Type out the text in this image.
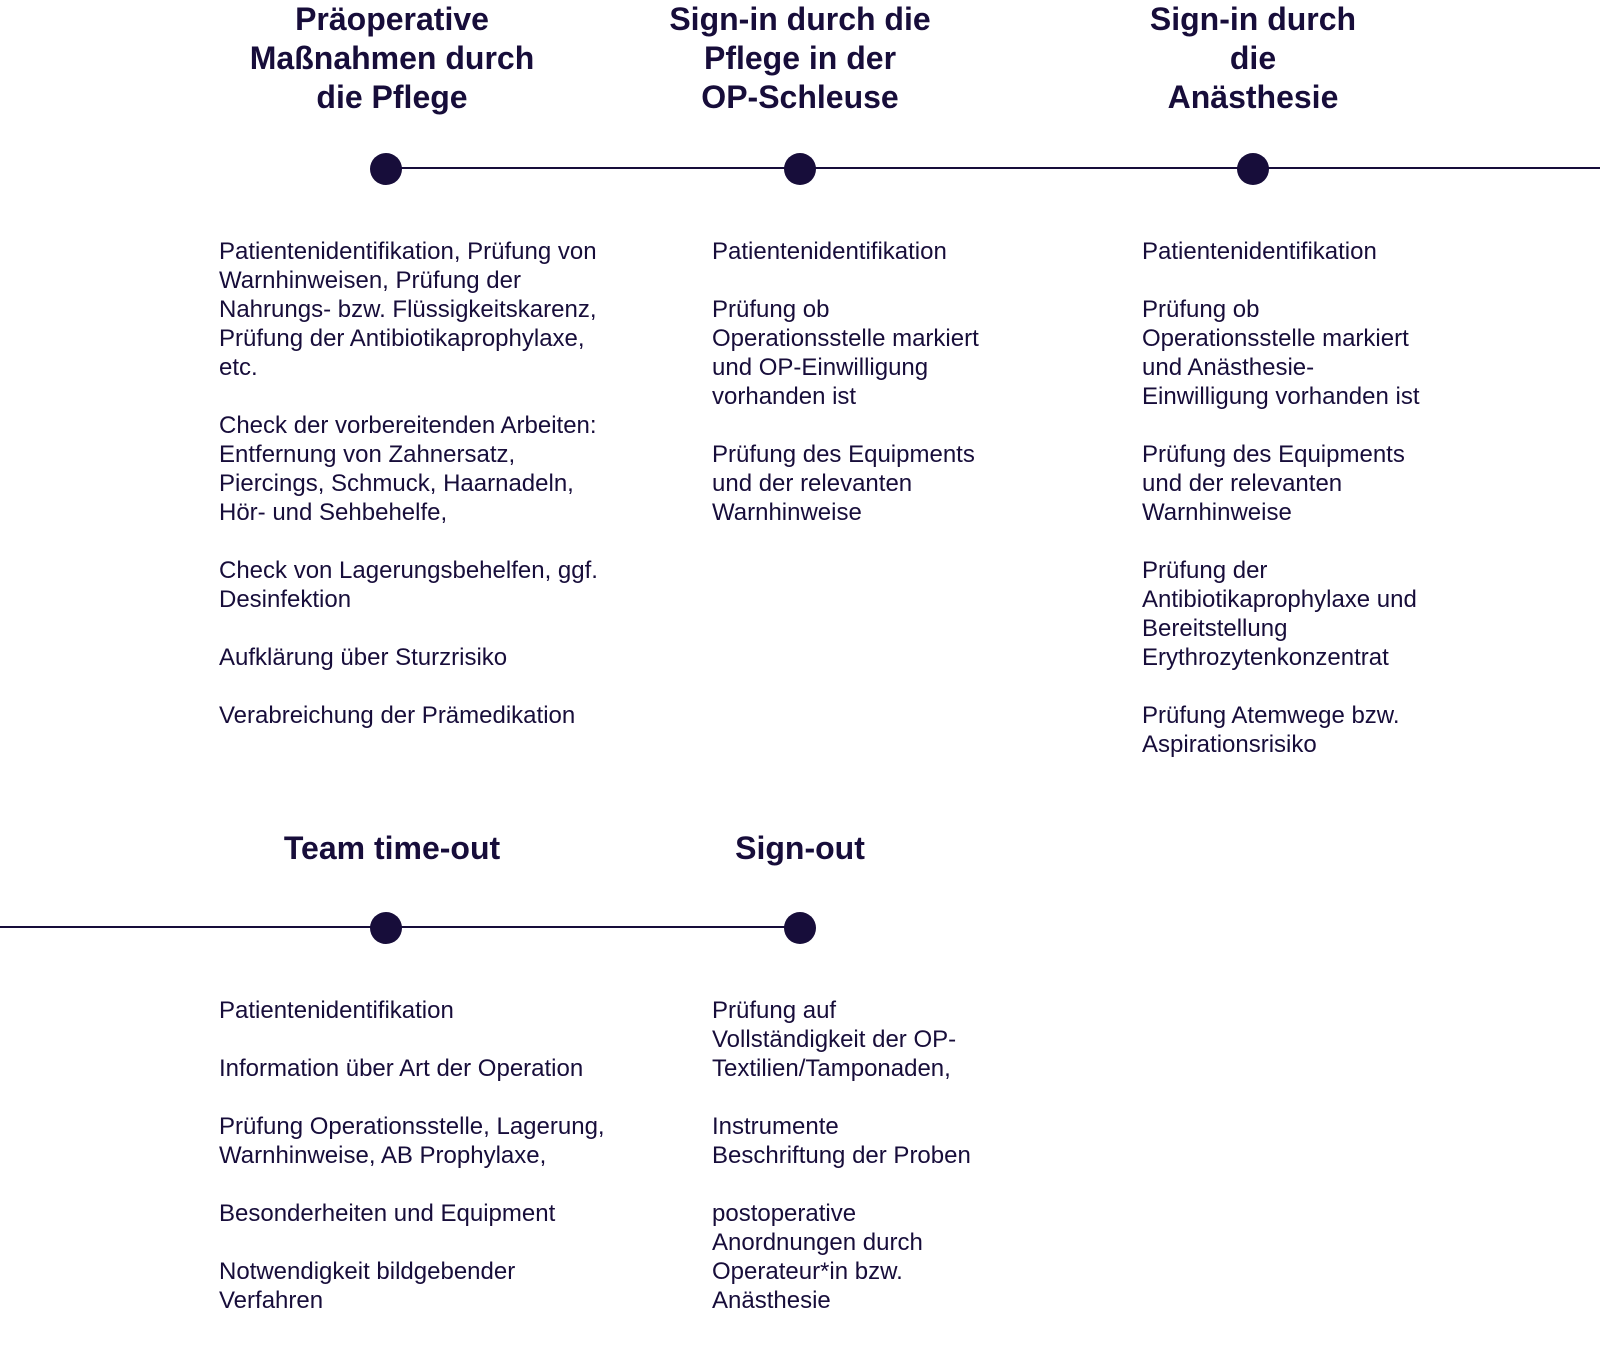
Präoperative
Maßnahmen durch
die Pflege
Sign-in durch die
Pflege in der
OP-Schleuse
Sign-in durch
die
Anästhesie
Team time-out	Sign-out
Patientenidentifikation, Prüfung von
Warnhinweisen, Prüfung der
Nahrungs- bzw. Flüssigkeitskarenz,
Prüfung der Antibiotikaprophylaxe,
etc.
Check der vorbereitenden Arbeiten:
Entfernung von Zahnersatz,
Piercings, Schmuck, Haarnadeln,
Hör- und Sehbehelfe,
Check von Lagerungsbehelfen, ggf.
Desinfektion
Aufklärung über Sturzrisiko
Verabreichung der Prämedikation
Patientenidentifikation
Prüfung ob
Operationsstelle markiert
und OP-Einwilligung
vorhanden ist
Prüfung des Equipments
und der relevanten
Warnhinweise
Patientenidentifikation
Prüfung ob
Operationsstelle markiert
und Anästhesie-
Einwilligung vorhanden ist
Prüfung des Equipments
und der relevanten
Warnhinweise
Prüfung der
Antibiotikaprophylaxe und
Bereitstellung
Erythrozytenkonzentrat
Prüfung Atemwege bzw.
Aspirationsrisiko
Patientenidentifikation
Information über Art der Operation
Prüfung Operationsstelle, Lagerung,
Warnhinweise, AB Prophylaxe,
Besonderheiten und Equipment
Notwendigkeit bildgebender
Verfahren
Prüfung auf
Vollständigkeit der OP-
Textilien/Tamponaden,
Instrumente
Beschriftung der Proben
postoperative
Anordnungen durch
Operateur*in bzw.
Anästhesie
